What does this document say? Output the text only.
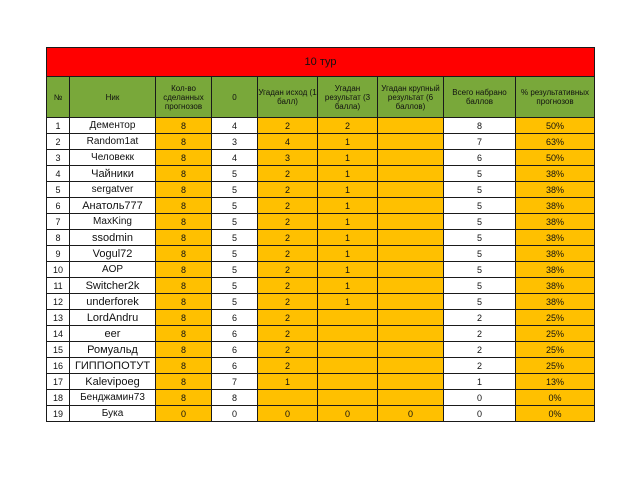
10 тур								
№	Ник	Кол-во сделанных прогнозов	0	Угадан исход (1 балл)	Угадан результат (3 балла)	Угадан крупный результат (6 баллов)	Всего набрано баллов	% результативных прогнозов
1	Дементор	8	4	2	2		8	50%
2	Random1at	8	3	4	1		7	63%
3	Человекк	8	4	3	1		6	50%
4	Чайники	8	5	2	1		5	38%
5	sergatver	8	5	2	1		5	38%
6	Анатоль777	8	5	2	1		5	38%
7	MaxKing	8	5	2	1		5	38%
8	ssodmin	8	5	2	1		5	38%
9	Vogul72	8	5	2	1		5	38%
10	AOP	8	5	2	1		5	38%
11	Switcher2k	8	5	2	1		5	38%
12	underforek	8	5	2	1		5	38%
13	LordAndru	8	6	2			2	25%
14	eer	8	6	2			2	25%
15	Ромуальд	8	6	2			2	25%
16	ГИППОПОТУТ	8	6	2			2	25%
17	Kalevipoeg	8	7	1			1	13%
18	Бенджамин73	8	8				0	0%
19	Бука	0	0	0	0	0	0	0%
